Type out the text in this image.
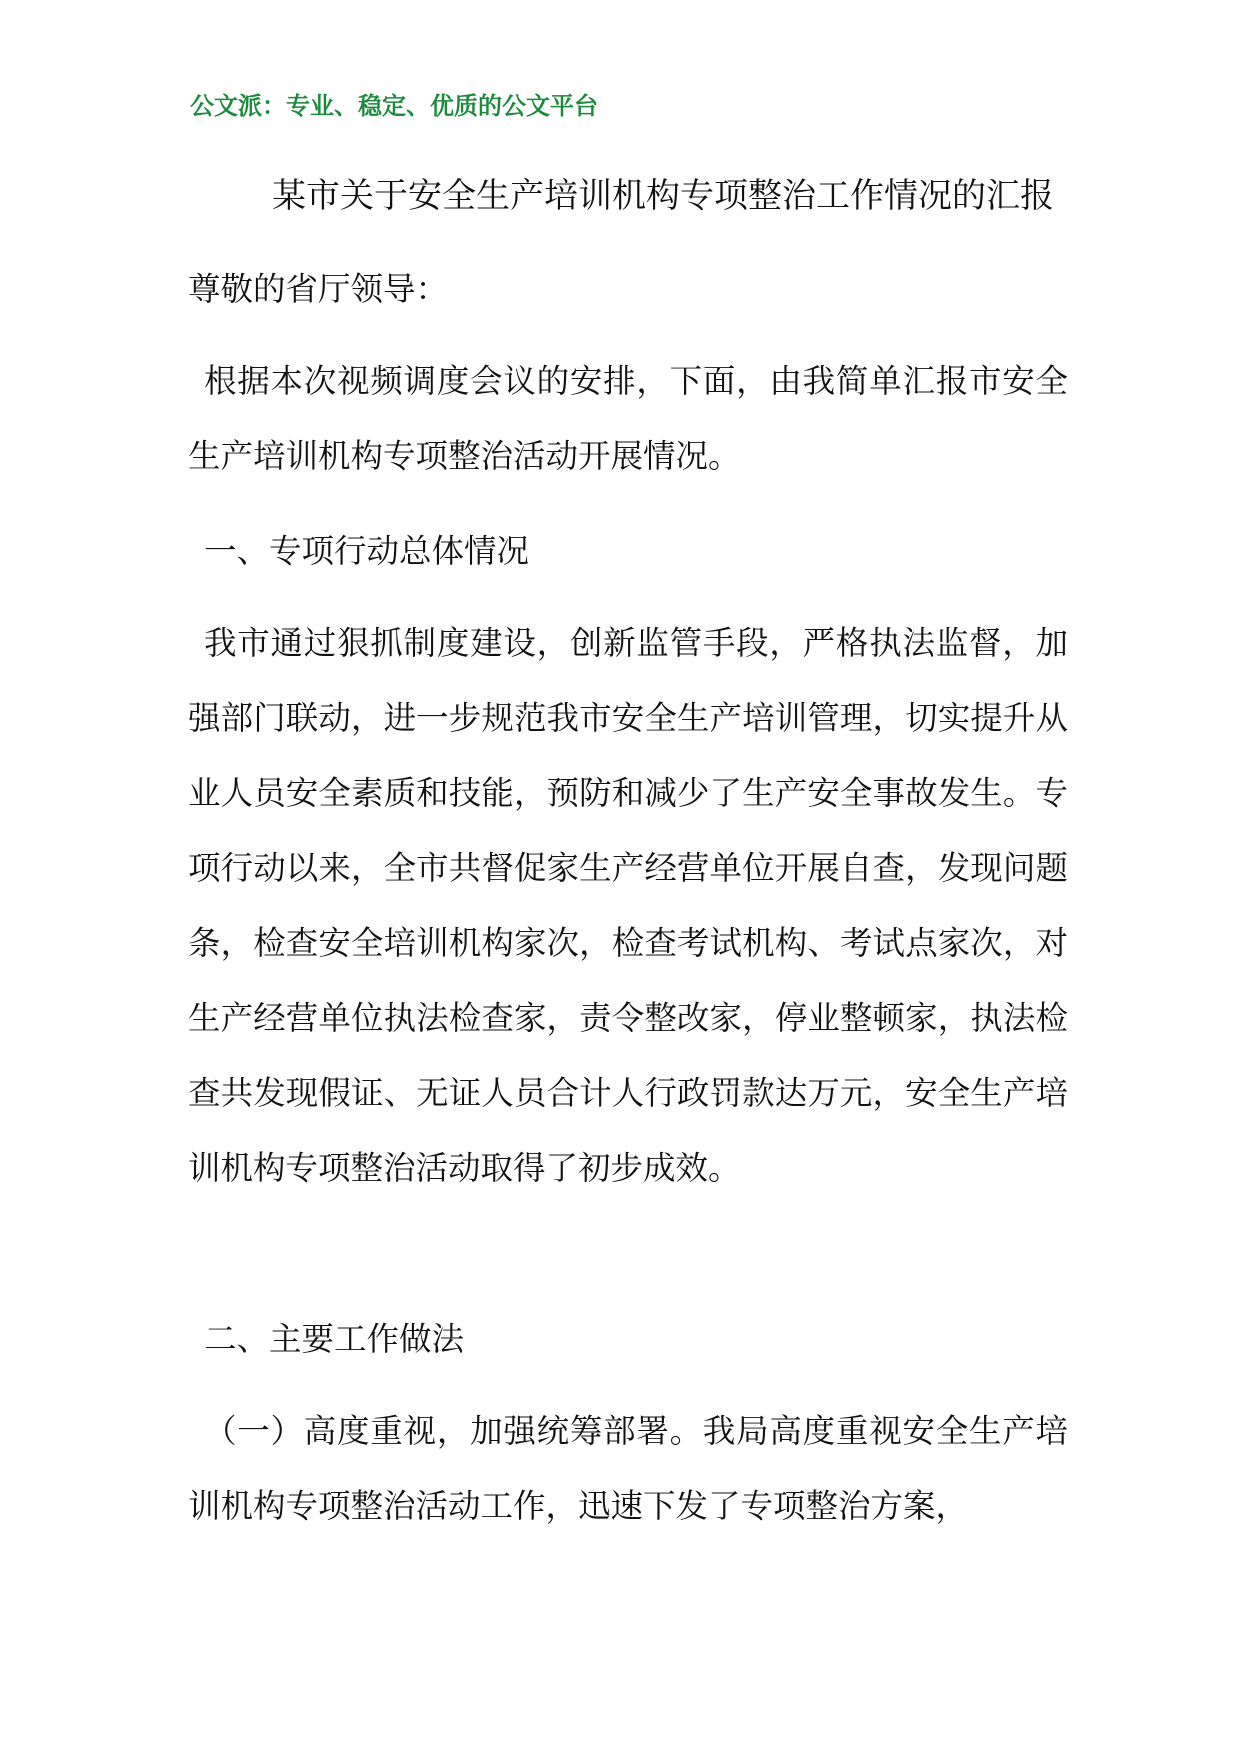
公文派：专业、稳定、优质的公文平台
某市关于安全生产培训机构专项整治工作情况的汇报

尊敬的省厅领导：

根据本次视频调度会议的安排，下面，由我简单汇报市安全生产培训机构专项整治活动开展情况。

一、专项行动总体情况

我市通过狠抓制度建设，创新监管手段，严格执法监督，加强部门联动，进一步规范我市安全生产培训管理，切实提升从业人员安全素质和技能，预防和减少了生产安全事故发生。专项行动以来，全市共督促家生产经营单位开展自查，发现问题条，检查安全培训机构家次，检查考试机构、考试点家次，对生产经营单位执法检查家，责令整改家，停业整顿家，执法检查共发现假证、无证人员合计人行政罚款达万元，安全生产培训机构专项整治活动取得了初步成效。

二、主要工作做法

（一）高度重视，加强统筹部署。我局高度重视安全生产培训机构专项整治活动工作，迅速下发了专项整治方案，
